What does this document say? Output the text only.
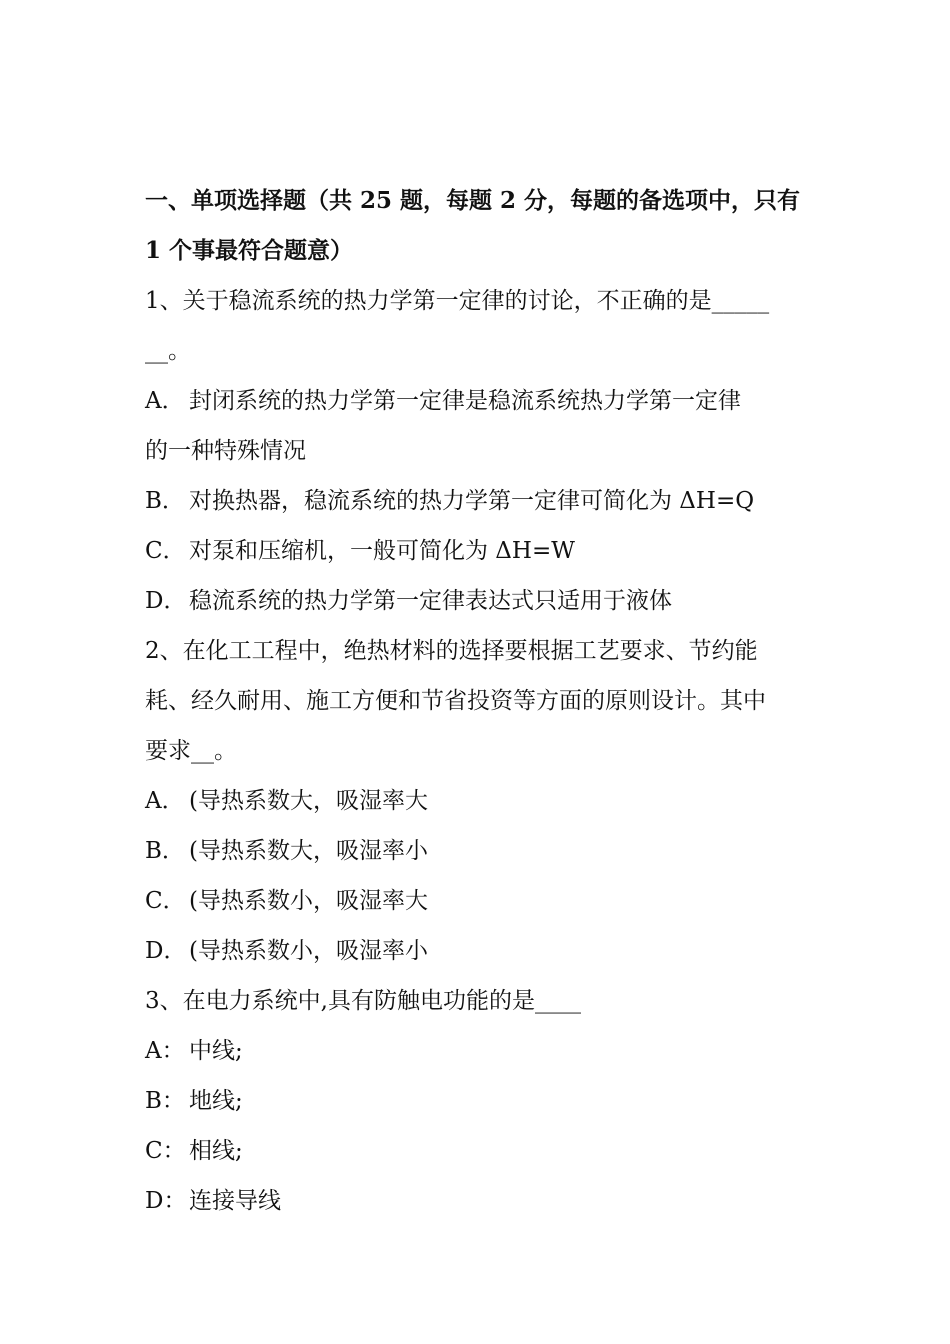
一、单项选择题（共 25 题，每题 2 分，每题的备选项中，只有
1 个事最符合题意）
1、关于稳流系统的热力学第一定律的讨论，不正确的是_____
__。
A． 封闭系统的热力学第一定律是稳流系统热力学第一定律
的一种特殊情况
B． 对换热器，稳流系统的热力学第一定律可简化为 ΔH=Q
C． 对泵和压缩机，一般可简化为 ΔH=W
D． 稳流系统的热力学第一定律表达式只适用于液体
2、在化工工程中，绝热材料的选择要根据工艺要求、节约能
耗、经久耐用、施工方便和节省投资等方面的原则设计。其中
要求__。
A． (导热系数大，吸湿率大
B． (导热系数大，吸湿率小
C． (导热系数小，吸湿率大
D． (导热系数小，吸湿率小
3、在电力系统中,具有防触电功能的是____
A： 中线;
B： 地线;
C： 相线;
D： 连接导线
